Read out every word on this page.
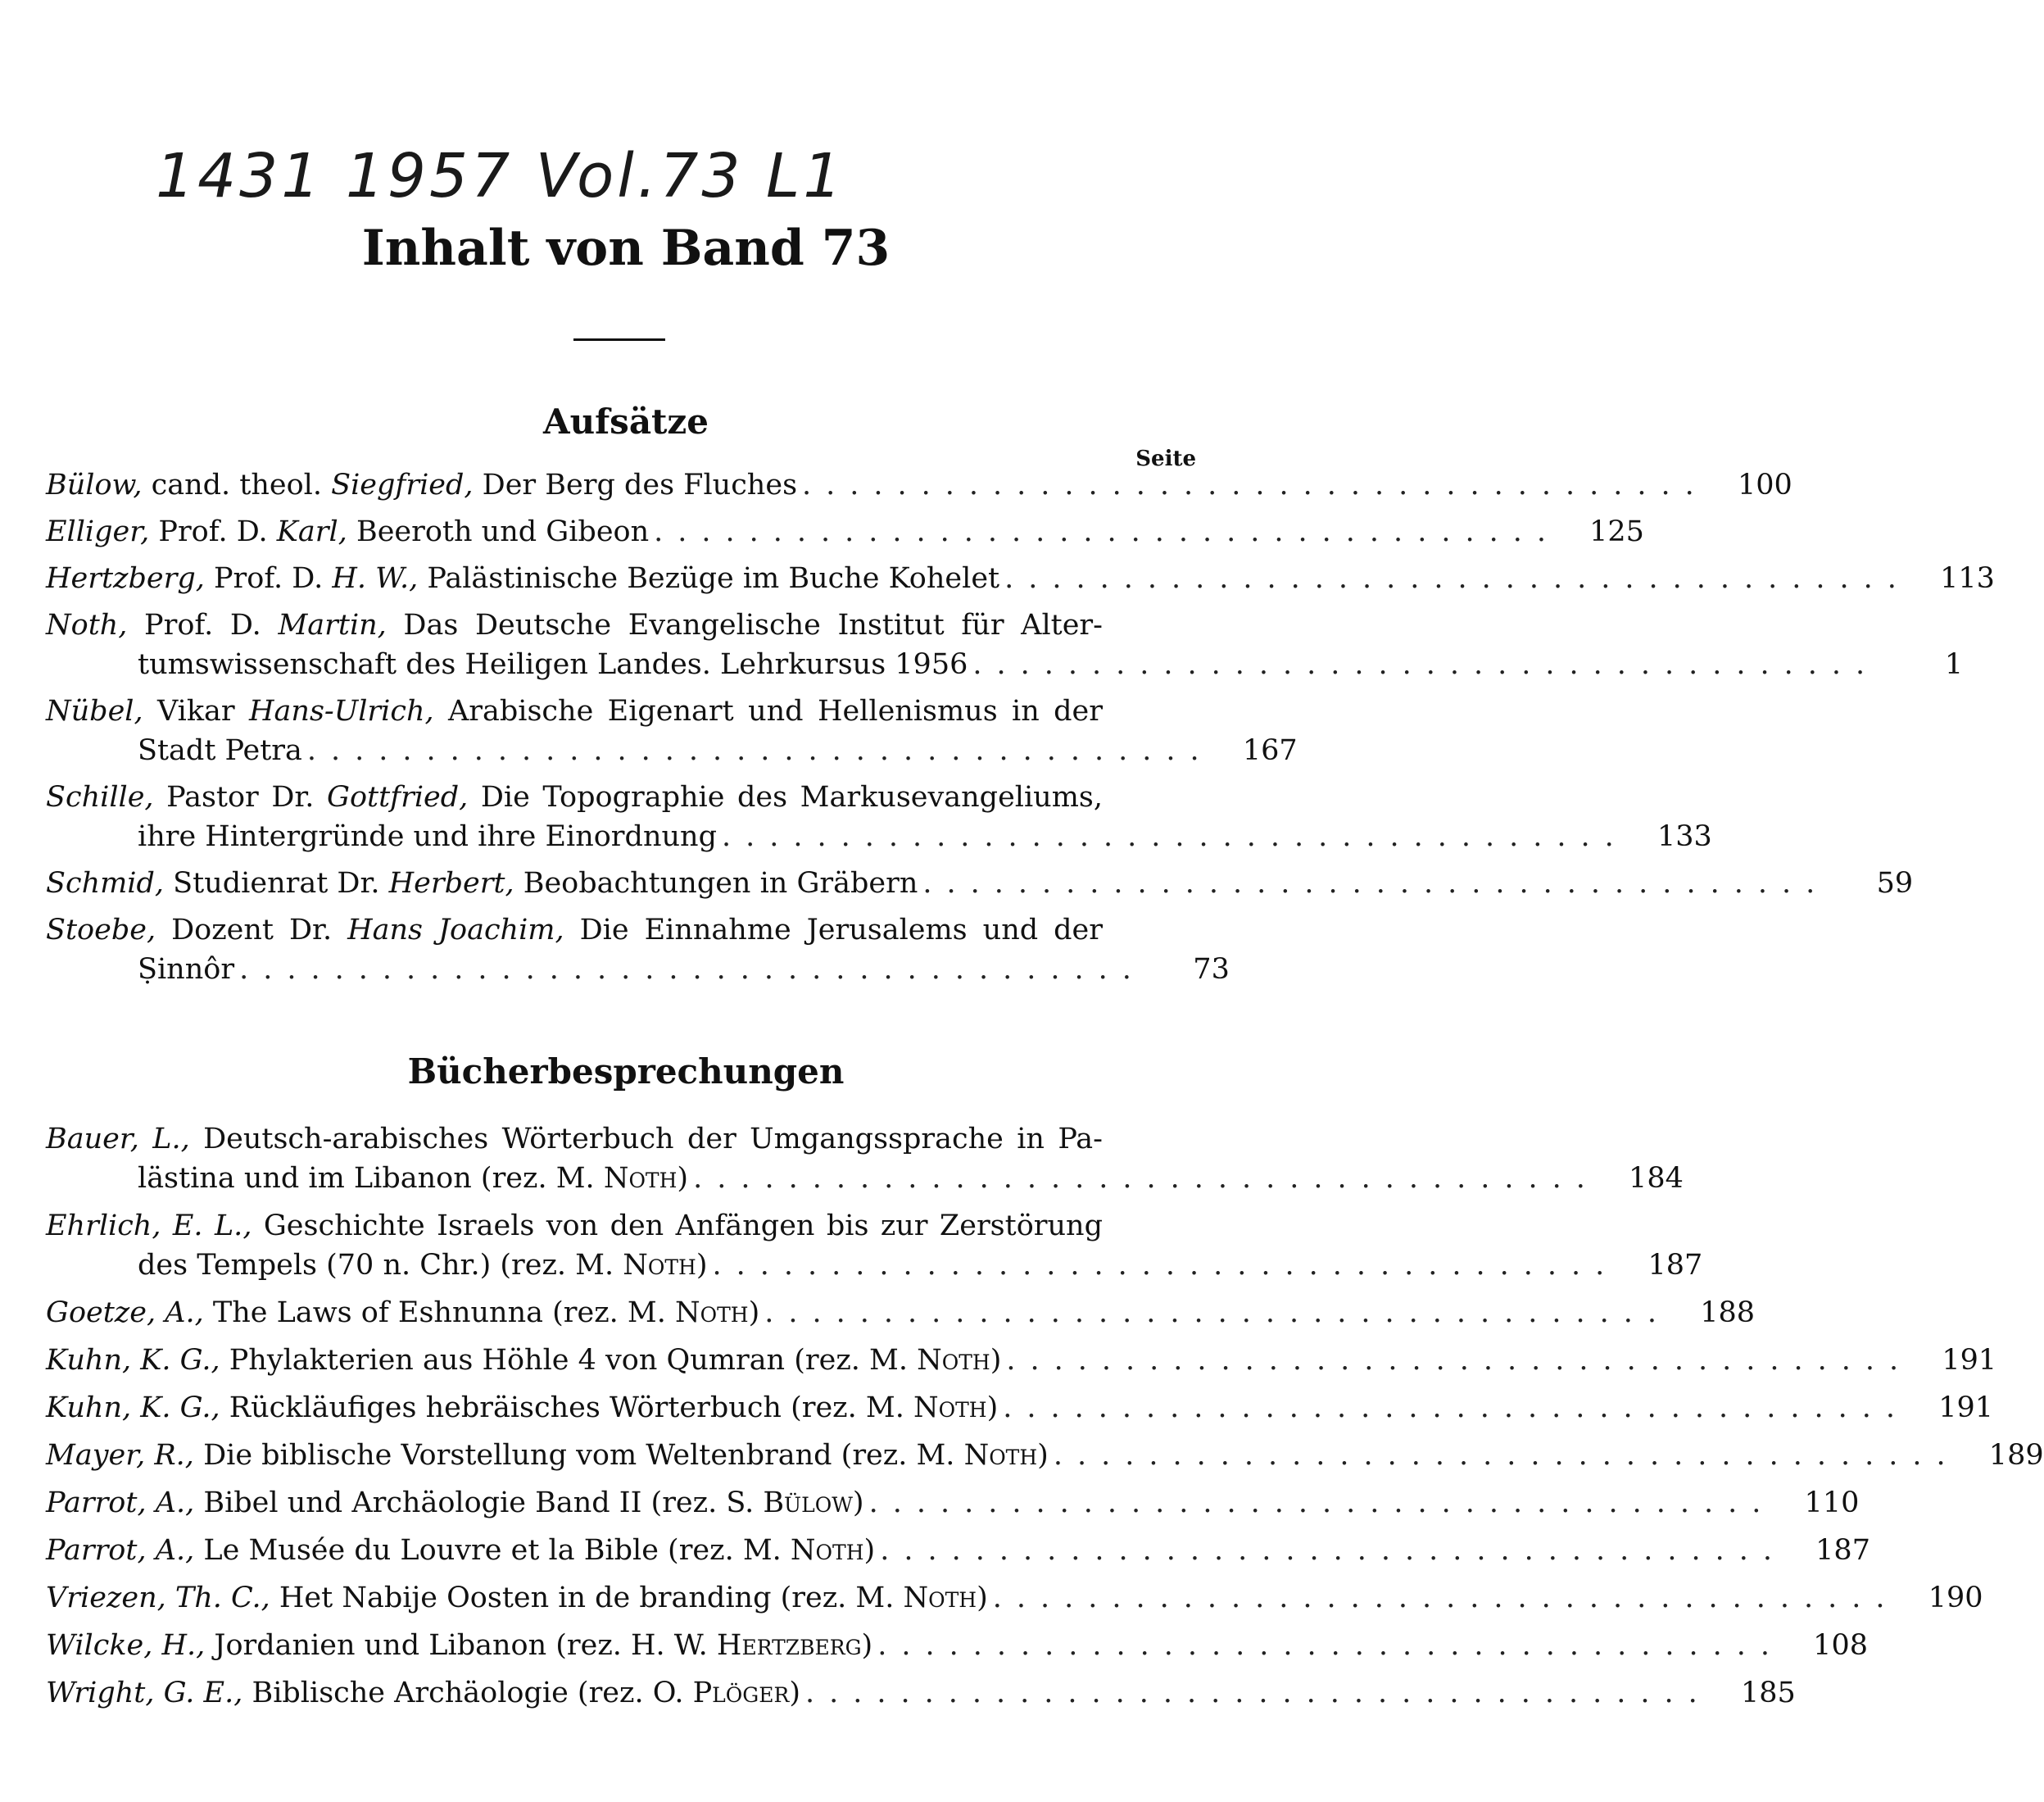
1431 1957 Vol.73 L1
Inhalt von Band 73
Aufsätze
Seite
Bülow, cand. theol. Siegfried, Der Berg des Fluches ......................................	100
Elliger, Prof. D. Karl, Beeroth und Gibeon ......................................	125
Hertzberg, Prof. D. H. W., Palästinische Bezüge im Buche Kohelet ......................................	113
Noth, Prof. D. Martin, Das Deutsche Evangelische Institut für Alter-
tumswissenschaft des Heiligen Landes. Lehrkursus 1956 ......................................	1
Nübel, Vikar Hans-Ulrich, Arabische Eigenart und Hellenismus in der
Stadt Petra ......................................	167
Schille, Pastor Dr. Gottfried, Die Topographie des Markusevangeliums,
ihre Hintergründe und ihre Einordnung ......................................	133
Schmid, Studienrat Dr. Herbert, Beobachtungen in Gräbern ......................................	59
Stoebe, Dozent Dr. Hans Joachim, Die Einnahme Jerusalems und der
Ṣinnôr ......................................	73
Bücherbesprechungen
Bauer, L., Deutsch-arabisches Wörterbuch der Umgangssprache in Pa-
lästina und im Libanon (rez. M. Noth) ......................................	184
Ehrlich, E. L., Geschichte Israels von den Anfängen bis zur Zerstörung
des Tempels (70 n. Chr.) (rez. M. Noth) ......................................	187
Goetze, A., The Laws of Eshnunna (rez. M. Noth) ......................................	188
Kuhn, K. G., Phylakterien aus Höhle 4 von Qumran (rez. M. Noth) ......................................	191
Kuhn, K. G., Rückläufiges hebräisches Wörterbuch (rez. M. Noth) ......................................	191
Mayer, R., Die biblische Vorstellung vom Weltenbrand (rez. M. Noth) ......................................	189
Parrot, A., Bibel und Archäologie Band II (rez. S. Bülow) ......................................	110
Parrot, A., Le Musée du Louvre et la Bible (rez. M. Noth) ......................................	187
Vriezen, Th. C., Het Nabije Oosten in de branding (rez. M. Noth) ......................................	190
Wilcke, H., Jordanien und Libanon (rez. H. W. Hertzberg) ......................................	108
Wright, G. E., Biblische Archäologie (rez. O. Plöger) ......................................	185
